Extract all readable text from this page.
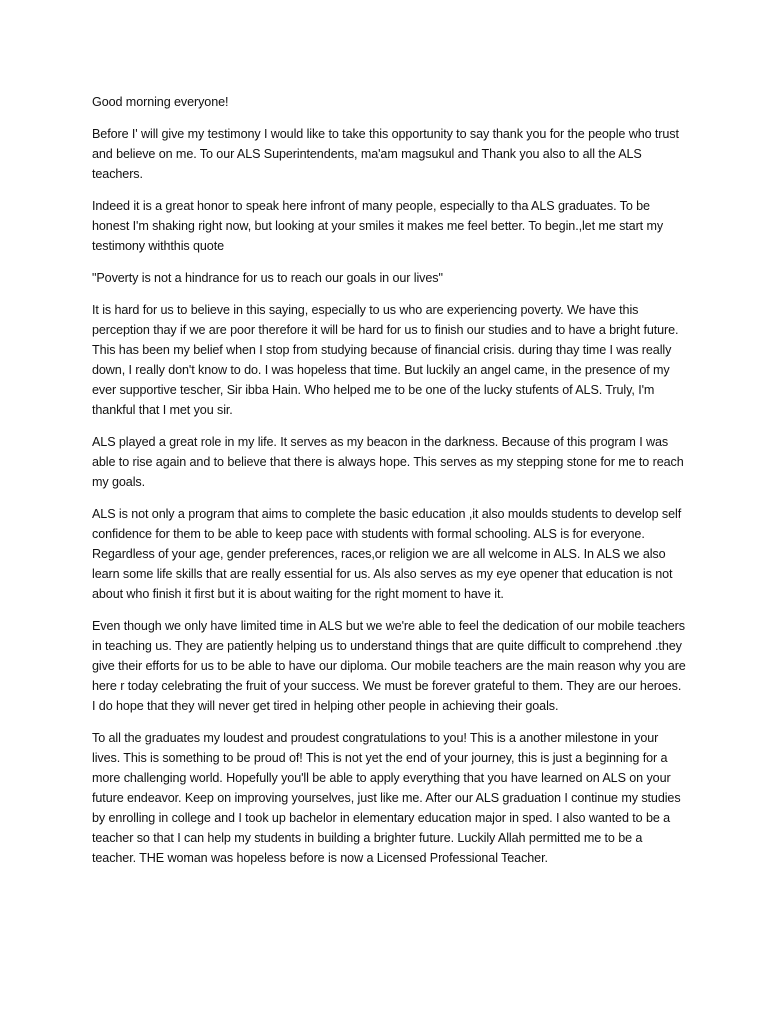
Good morning everyone!

Before I' will give my testimony I would like to take this opportunity to say thank you for the people who trust and believe on me. To our ALS Superintendents, ma'am magsukul and Thank you also to all the ALS teachers.

Indeed it is a great honor to speak here infront of many people, especially to tha ALS graduates. To be honest I'm shaking right now, but looking at your smiles it makes me feel better. To begin.,let me start my testimony withthis quote

"Poverty is not a hindrance for us to reach our goals in our lives"

It is hard for us to believe in this saying, especially to us who are experiencing poverty. We have this perception thay if we are poor therefore it will be hard for us to finish our studies and to have a bright future. This has been my belief when I stop from studying because of financial crisis. during thay time I was really down, I really don't know to do. I was hopeless that time. But luckily an angel came, in the presence of my ever supportive tescher, Sir ibba Hain. Who helped me to be one of the lucky stufents of ALS. Truly, I'm thankful that I met you sir.

ALS played a great role in my life. It serves as my beacon in the darkness. Because of this program I was able to rise again and to believe that there is always hope. This serves as my stepping stone for me to reach my goals.

ALS is not only a program that aims to complete the basic education ,it also moulds students to develop self confidence for them to be able to keep pace with students with formal schooling. ALS is for everyone. Regardless of your age, gender preferences, races,or religion we are all welcome in ALS. In ALS we also learn some life skills that are really essential for us. Als also serves as my eye opener that education is not about who finish it first but it is about waiting for the right moment to have it.

Even though we only have limited time in ALS but we we're able to feel the dedication of our mobile teachers in teaching us. They are patiently helping us to understand things that are quite difficult to comprehend .they give their efforts for us to be able to have our diploma. Our mobile teachers are the main reason why you are here r today celebrating the fruit of your success. We must be forever grateful to them. They are our heroes. I do hope that they will never get tired in helping other people in achieving their goals.

To all the graduates my loudest and proudest congratulations to you! This is a another milestone in your lives. This is something to be proud of! This is not yet the end of your journey, this is just a beginning for a more challenging world. Hopefully you'll be able to apply everything that you have learned on ALS on your future endeavor. Keep on improving yourselves, just like me. After our ALS graduation I continue my studies by enrolling in college and I took up bachelor in elementary education major in sped. I also wanted to be a teacher so that I can help my students in building a brighter future. Luckily Allah permitted me to be a teacher. THE woman was hopeless before is now a Licensed Professional Teacher.
